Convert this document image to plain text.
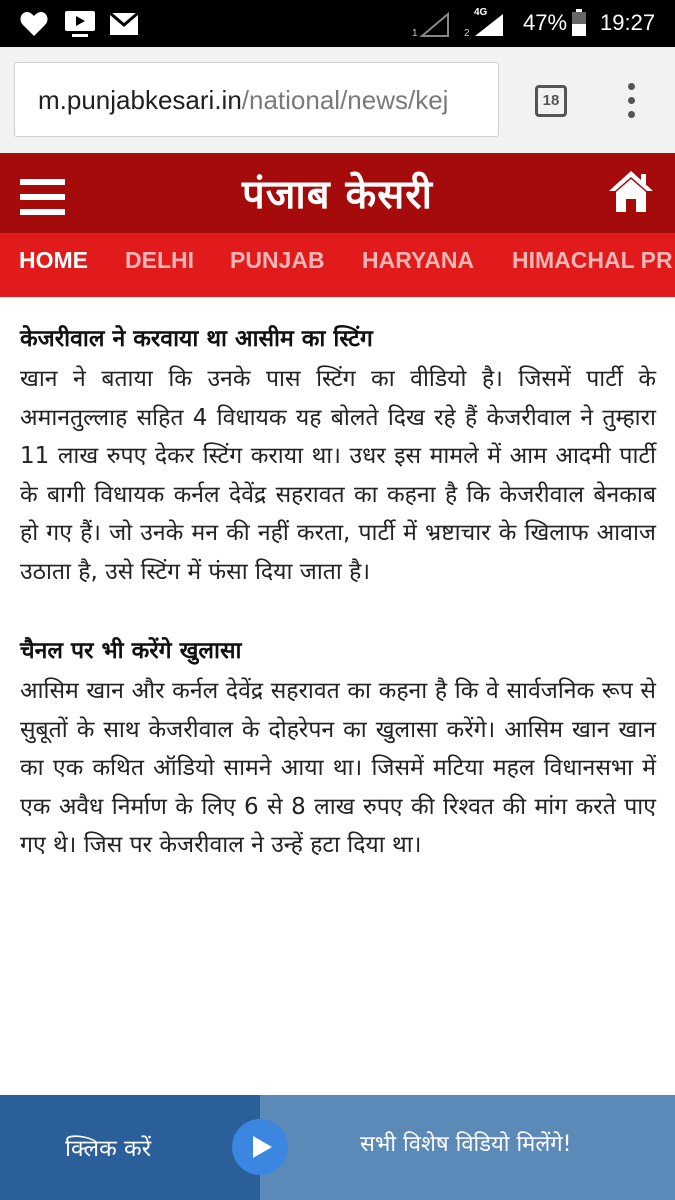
1	2
4G 47% 19:27
m.punjabkesari.in/national/news/kej	18
पंजाब केसरी
HOME DELHI PUNJAB HARYANA HIMACHAL PR
केजरीवाल ने करवाया था आसीम का स्टिंग
खान ने बताया कि उनके पास स्टिंग का वीडियो है। जिसमें पार्टी के अमानतुल्लाह सहित 4 विधायक यह बोलते दिख रहे हैं केजरीवाल ने तुम्हारा 11 लाख रुपए देकर स्टिंग कराया था। उधर इस मामले में आम आदमी पार्टी के बागी विधायक कर्नल देवेंद्र सहरावत का कहना है कि केजरीवाल बेनकाब हो गए हैं। जो उनके मन की नहीं करता, पार्टी में भ्रष्टाचार के खिलाफ आवाज उठाता है, उसे स्टिंग में फंसा दिया जाता है।
चैनल पर भी करेंगे खुलासा
आसिम खान और कर्नल देवेंद्र सहरावत का कहना है कि वे सार्वजनिक रूप से सुबूतों के साथ केजरीवाल के दोहरेपन का खुलासा करेंगे। आसिम खान खान का एक कथित ऑडियो सामने आया था। जिसमें मटिया महल विधानसभा में एक अवैध निर्माण के लिए 6 से 8 लाख रुपए की रिश्वत की मांग करते पाए गए थे। जिस पर केजरीवाल ने उन्हें हटा दिया था।
क्लिक करें	सभी विशेष विडियो मिलेंगे!
